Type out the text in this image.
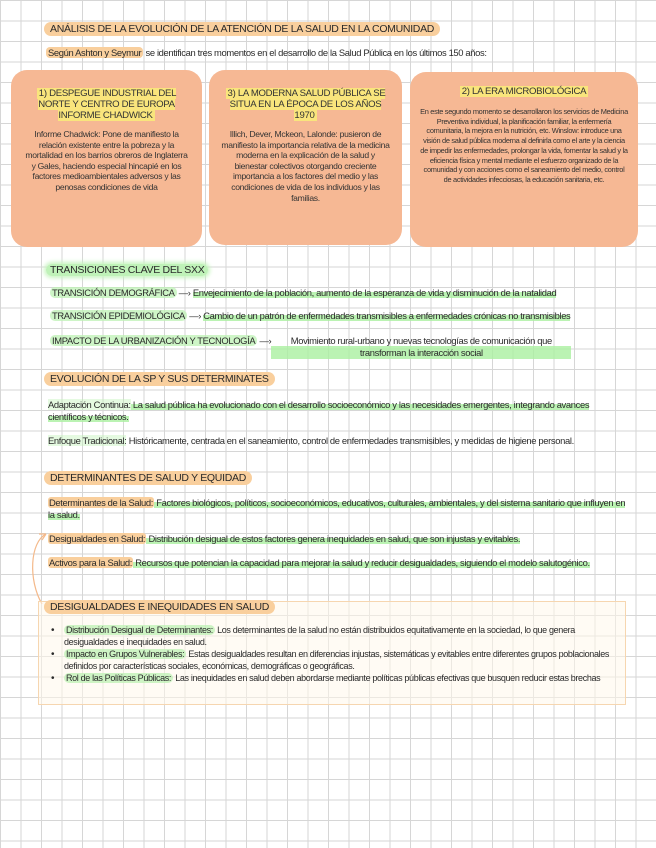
ANÁLISIS DE LA EVOLUCIÓN DE LA ATENCIÓN DE LA SALUD EN LA COMUNIDAD
Según Ashton y Seymur se identifican tres momentos en el desarrollo de la Salud Pública en los últimos 150 años:
1) DESPEGUE INDUSTRIAL DEL NORTE Y CENTRO DE EUROPA INFORME CHADWICK
Informe Chadwick: Pone de manifiesto la relación existente entre la pobreza y la mortalidad en los barrios obreros de Inglaterra y Gales, haciendo especial hincapié en los factores medioambientales adversos y las penosas condiciones de vida
3) LA MODERNA SALUD PÚBLICA SE SITUA EN LA ÉPOCA DE LOS AÑOS 1970
Illich, Dever, Mckeon, Lalonde: pusieron de manifiesto la importancia relativa de la medicina moderna en la explicación de la salud y bienestar colectivos otorgando creciente importancia a los factores del medio y las condiciones de vida de los individuos y las familias.
2) LA ERA MICROBIOLÓGICA
En este segundo momento se desarrollaron los servicios de Medicina Preventiva individual, la planificación familiar, la enfermería comunitaria, la mejora en la nutrición, etc. Winslow: introduce una visión de salud pública moderna al definirla como el arte y la ciencia de impedir las enfermedades, prolongar la vida, fomentar la salud y la eficiencia física y mental mediante el esfuerzo organizado de la comunidad y con acciones como el saneamiento del medio, control de actividades infecciosas, la educación sanitaria, etc.
TRANSICIONES CLAVE DEL SXX
TRANSICIÓN DEMOGRÁFICA —› Envejecimiento de la población, aumento de la esperanza de vida y disminución de la natalidad
TRANSICIÓN EPIDEMIOLÓGICA —› Cambio de un patrón de enfermedades transmisibles a enfermedades crónicas no transmisibles
IMPACTO DE LA URBANIZACIÓN Y TECNOLOGÍA —›	Movimiento rural-urbano y nuevas tecnologías de comunicación que transforman la interacción social
EVOLUCIÓN DE LA SP Y SUS DETERMINATES
Adaptación Continua: La salud pública ha evolucionado con el desarrollo socioeconómico y las necesidades emergentes, integrando avances científicos y técnicos.
Enfoque Tradicional: Históricamente, centrada en el saneamiento, control de enfermedades transmisibles, y medidas de higiene personal.
DETERMINANTES DE SALUD Y EQUIDAD
Determinantes de la Salud: Factores biológicos, políticos, socioeconómicos, educativos, culturales, ambientales, y del sistema sanitario que influyen en la salud.
Desigualdades en Salud: Distribución desigual de estos factores genera inequidades en salud, que son injustas y evitables.
Activos para la Salud: Recursos que potencian la capacidad para mejorar la salud y reducir desigualdades, siguiendo el modelo salutogénico.
DESIGUALDADES E INEQUIDADES EN SALUD
• Distribución Desigual de Determinantes: Los determinantes de la salud no están distribuidos equitativamente en la sociedad, lo que genera desigualdades e inequidades en salud.
• Impacto en Grupos Vulnerables: Estas desigualdades resultan en diferencias injustas, sistemáticas y evitables entre diferentes grupos poblacionales definidos por características sociales, económicas, demográficas o geográficas.
• Rol de las Políticas Públicas: Las inequidades en salud deben abordarse mediante políticas públicas efectivas que busquen reducir estas brechas
